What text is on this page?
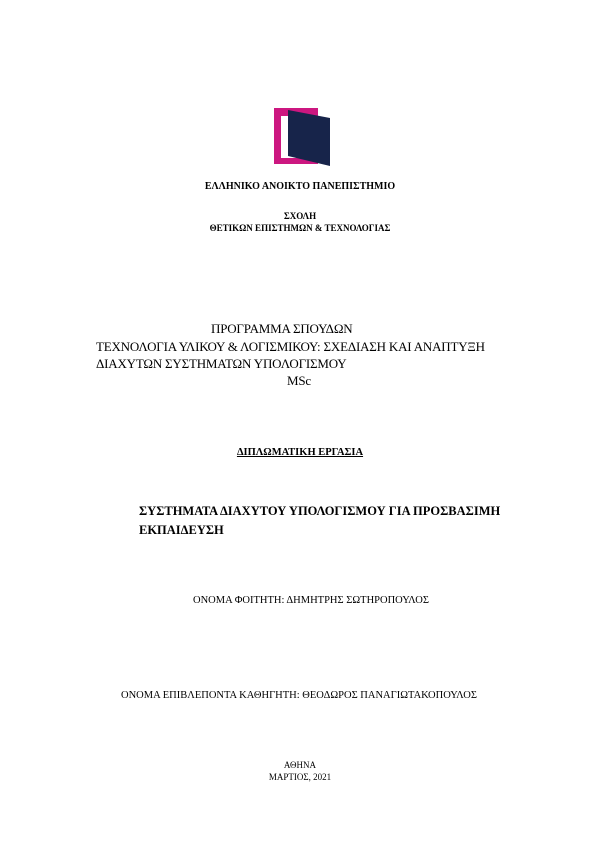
ΕΛΛΗΝΙΚΟ ΑΝΟΙΚΤΟ ΠΑΝΕΠΙΣΤΗΜΙΟ
ΣΧΟΛΗ
ΘΕΤΙΚΩΝ ΕΠΙΣΤΗΜΩΝ & ΤΕΧΝΟΛΟΓΙΑΣ
ΠΡΟΓΡΑΜΜΑ ΣΠΟΥΔΩΝ
ΤΕΧΝΟΛΟΓΙΑ ΥΛΙΚΟΥ & ΛΟΓΙΣΜΙΚΟΥ: ΣΧΕΔΙΑΣΗ ΚΑΙ ΑΝΑΠΤΥΞΗ
ΔΙΑΧΥΤΩΝ ΣΥΣΤΗΜΑΤΩΝ ΥΠΟΛΟΓΙΣΜΟΥ
MSc
ΔΙΠΛΩΜΑΤΙΚΗ ΕΡΓΑΣΙΑ
ΣΥΣΤΗΜΑΤΑ ΔΙΑΧΥΤΟΥ ΥΠΟΛΟΓΙΣΜΟΥ ΓΙΑ ΠΡΟΣΒΑΣΙΜΗ
ΕΚΠΑΙΔΕΥΣΗ
ΟΝΟΜΑ ΦΟΙΤΗΤΗ: ΔΗΜΗΤΡΗΣ ΣΩΤΗΡΟΠΟΥΛΟΣ
ΟΝΟΜΑ ΕΠΙΒΛΕΠΟΝΤΑ ΚΑΘΗΓΗΤΗ: ΘΕΟΔΩΡΟΣ ΠΑΝΑΓΙΩΤΑΚΟΠΟΥΛΟΣ
ΑΘΗΝΑ
ΜΑΡΤΙΟΣ, 2021
